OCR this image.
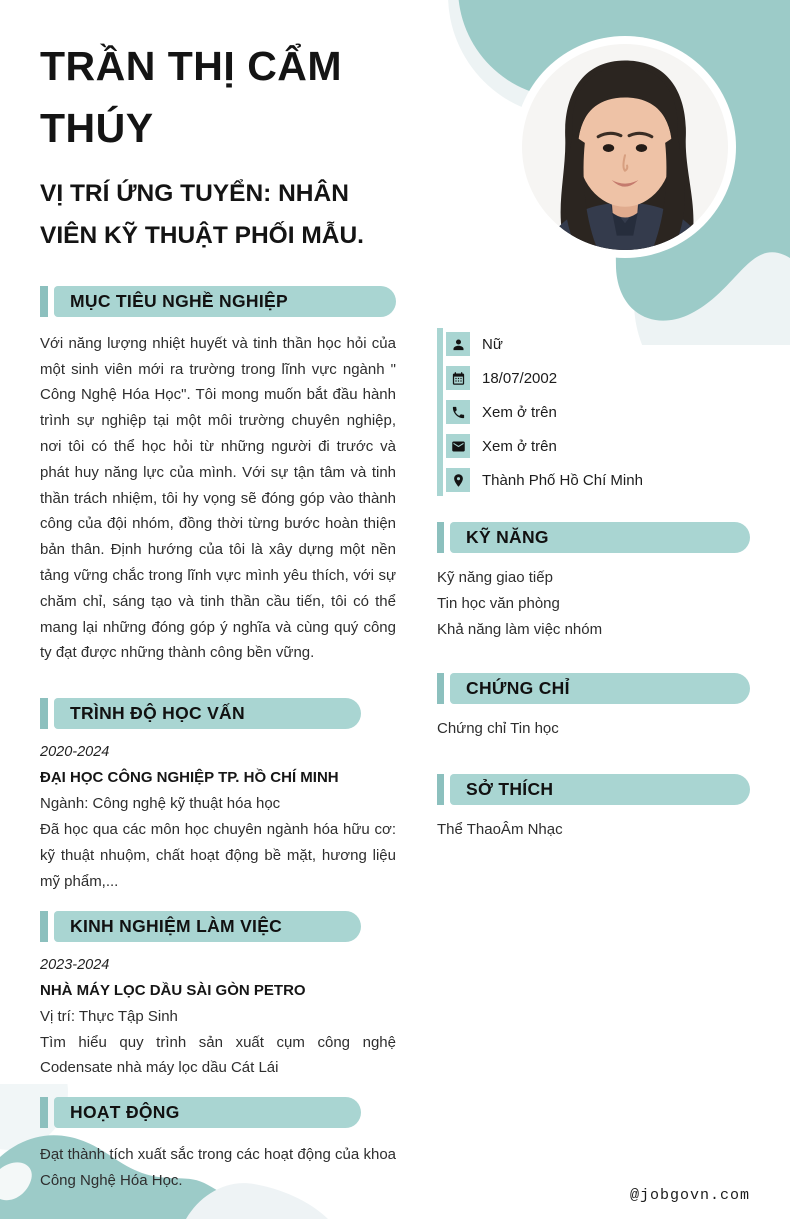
TRẦN THỊ CẨM THÚY
VỊ TRÍ ỨNG TUYỂN: NHÂN VIÊN KỸ THUẬT PHỐI MẪU.
MỤC TIÊU NGHỀ NGHIỆP
Với năng lượng nhiệt huyết và tinh thần học hỏi của một sinh viên mới ra trường trong lĩnh vực ngành " Công Nghệ Hóa Học". Tôi mong muốn bắt đầu hành trình sự nghiệp tại một môi trường chuyên nghiệp, nơi tôi có thể học hỏi từ những người đi trước và phát huy năng lực của mình. Với sự tận tâm và tinh thần trách nhiệm, tôi hy vọng sẽ đóng góp vào thành công của đội nhóm, đồng thời từng bước hoàn thiện bản thân. Định hướng của tôi là xây dựng một nền tảng vững chắc trong lĩnh vực mình yêu thích, với sự chăm chỉ, sáng tạo và tinh thần cầu tiến, tôi có thể mang lại những đóng góp ý nghĩa và cùng quý công ty đạt được những thành công bền vững.
TRÌNH ĐỘ HỌC VẤN
2020-2024
ĐẠI HỌC CÔNG NGHIỆP TP. HỒ CHÍ MINH
Ngành: Công nghệ kỹ thuật hóa học
Đã học qua các môn học chuyên ngành hóa hữu cơ: kỹ thuật nhuộm, chất hoạt động bề mặt, hương liệu mỹ phẩm,...
KINH NGHIỆM LÀM VIỆC
2023-2024
NHÀ MÁY LỌC DẦU SÀI GÒN PETRO
Vị trí: Thực Tập Sinh
Tìm hiểu quy trình sản xuất cụm công nghệ Codensate nhà máy lọc dầu Cát Lái
HOẠT ĐỘNG
Đạt thành tích xuất sắc trong các hoạt động của khoa Công Nghệ Hóa Học.
Nữ
18/07/2002
Xem ở trên
Xem ở trên
Thành Phố Hồ Chí Minh
KỸ NĂNG
Kỹ năng giao tiếp
Tin học văn phòng
Khả năng làm việc nhóm
CHỨNG CHỈ
Chứng chỉ Tin học
SỞ THÍCH
Thể ThaoÂm Nhạc
@jobgovn.com
